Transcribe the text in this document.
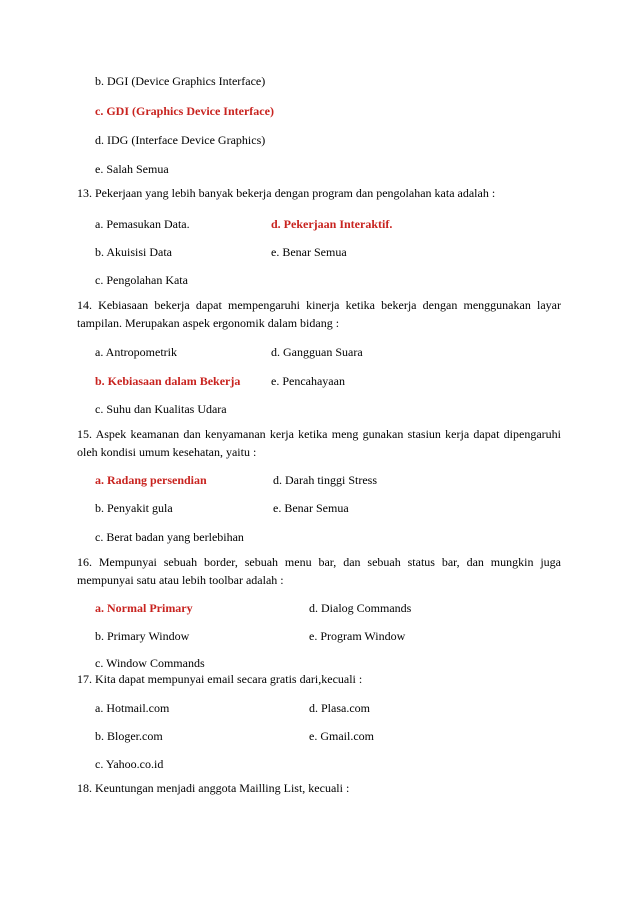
b. DGI (Device Graphics Interface)
c. GDI (Graphics Device Interface)
d. IDG (Interface Device Graphics)
e. Salah Semua
13. Pekerjaan yang lebih banyak bekerja dengan program dan pengolahan kata adalah :
a. Pemasukan Data.	d. Pekerjaan Interaktif.
b. Akuisisi Data	e. Benar Semua
c. Pengolahan Kata
14. Kebiasaan bekerja dapat mempengaruhi kinerja ketika bekerja dengan menggunakan layar tampilan. Merupakan aspek ergonomik dalam bidang :
a. Antropometrik	d. Gangguan Suara
b. Kebiasaan dalam Bekerja	e. Pencahayaan
c. Suhu dan Kualitas Udara
15. Aspek keamanan dan kenyamanan kerja ketika meng gunakan stasiun kerja dapat dipengaruhi oleh kondisi umum kesehatan, yaitu :
a. Radang persendian	d. Darah tinggi Stress
b. Penyakit gula	e. Benar Semua
c. Berat badan yang berlebihan
16. Mempunyai sebuah border, sebuah menu bar, dan sebuah status bar, dan mungkin juga mempunyai satu atau lebih toolbar adalah :
a. Normal Primary	d. Dialog Commands
b. Primary Window	e. Program Window
c. Window Commands
17. Kita dapat mempunyai email secara gratis dari,kecuali :
a. Hotmail.com	d. Plasa.com
b. Bloger.com	e. Gmail.com
c. Yahoo.co.id
18. Keuntungan menjadi anggota Mailling List, kecuali :
